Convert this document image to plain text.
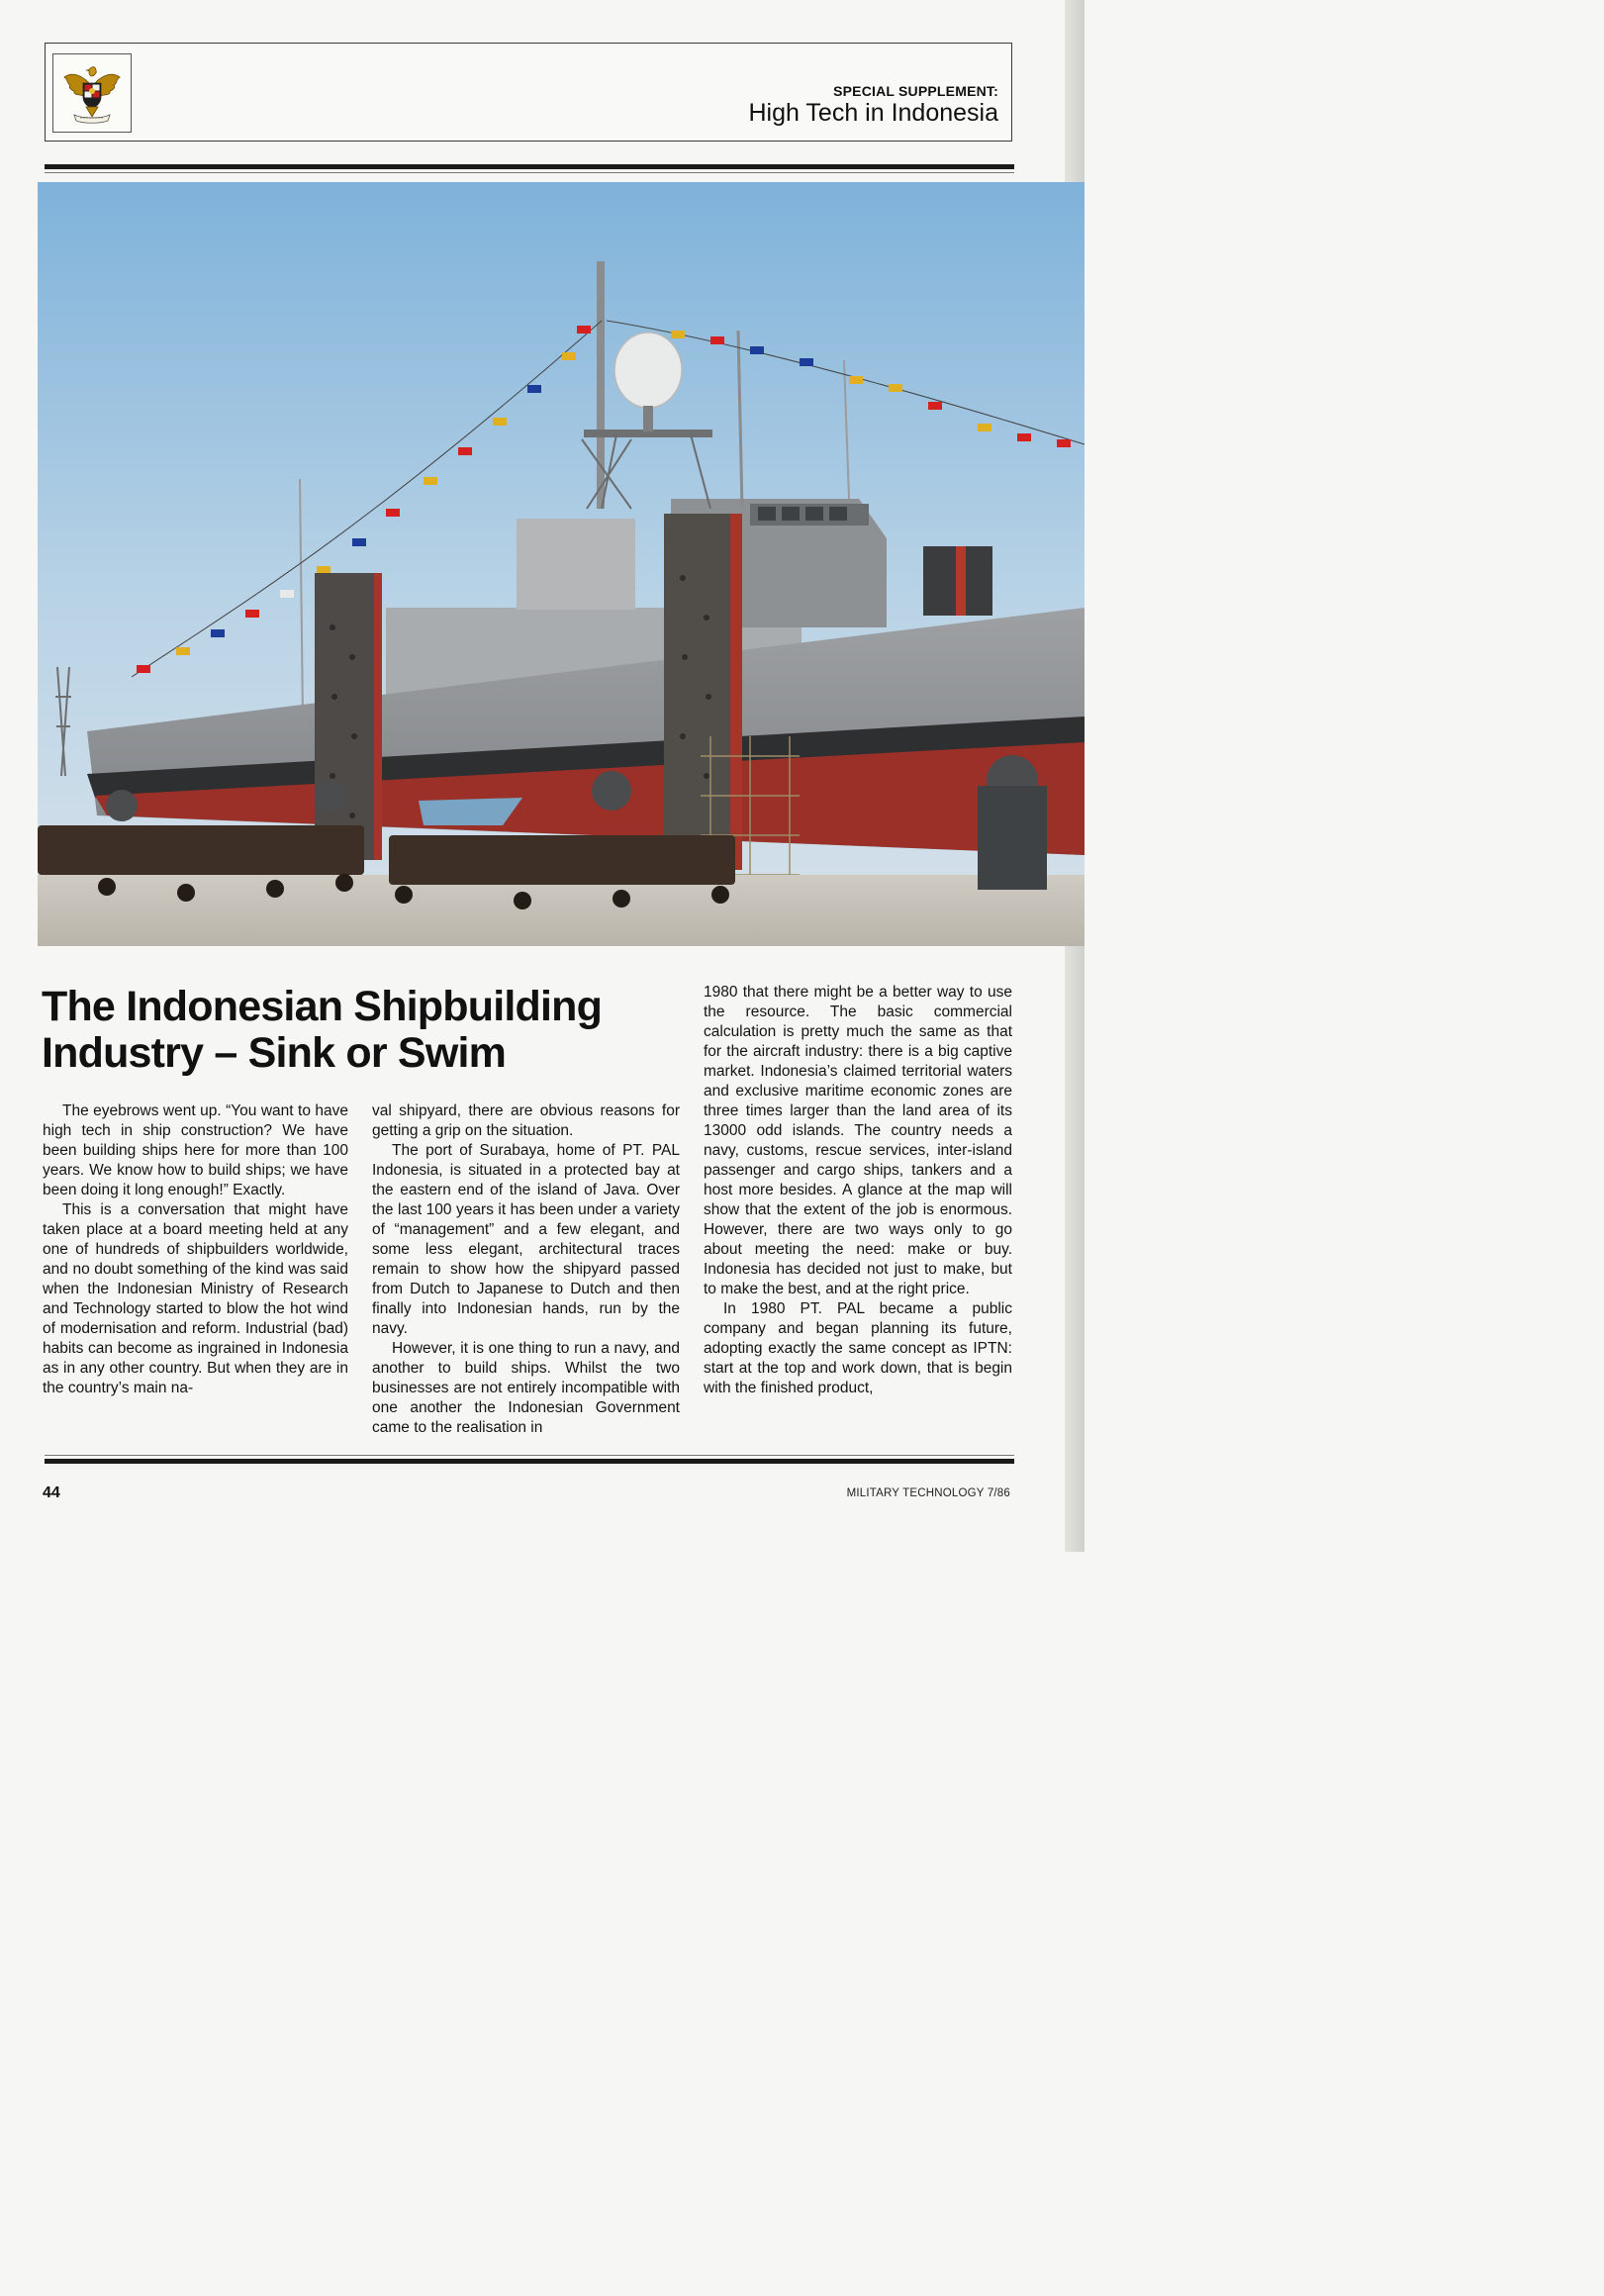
SPECIAL SUPPLEMENT:
High Tech in Indonesia
The Indonesian Shipbuilding
Industry – Sink or Swim

The eyebrows went up. “You want to have high tech in ship construction? We have been building ships here for more than 100 years. We know how to build ships; we have been doing it long enough!” Exactly.

This is a conversation that might have taken place at a board meeting held at any one of hundreds of shipbuilders worldwide, and no doubt something of the kind was said when the Indonesian Ministry of Research and Technology started to blow the hot wind of modernisation and reform. Industrial (bad) habits can become as ingrained in Indonesia as in any other country. But when they are in the country’s main na-

val shipyard, there are obvious reasons for getting a grip on the situation.

The port of Surabaya, home of PT. PAL Indonesia, is situated in a protected bay at the eastern end of the island of Java. Over the last 100 years it has been under a variety of “management” and a few elegant, and some less elegant, architectural traces remain to show how the shipyard passed from Dutch to Japanese to Dutch and then finally into Indonesian hands, run by the navy.

However, it is one thing to run a navy, and another to build ships. Whilst the two businesses are not entirely incompatible with one another the Indonesian Government came to the realisation in

1980 that there might be a better way to use the resource. The basic commercial calculation is pretty much the same as that for the aircraft industry: there is a big captive market. Indonesia’s claimed territorial waters and exclusive maritime economic zones are three times larger than the land area of its 13000 odd islands. The country needs a navy, customs, rescue services, inter-island passenger and cargo ships, tankers and a host more besides. A glance at the map will show that the extent of the job is enormous. However, there are two ways only to go about meeting the need: make or buy. Indonesia has decided not just to make, but to make the best, and at the right price.

In 1980 PT. PAL became a public company and began planning its future, adopting exactly the same concept as IPTN: start at the top and work down, that is begin with the finished product,

44	MILITARY TECHNOLOGY 7/86
